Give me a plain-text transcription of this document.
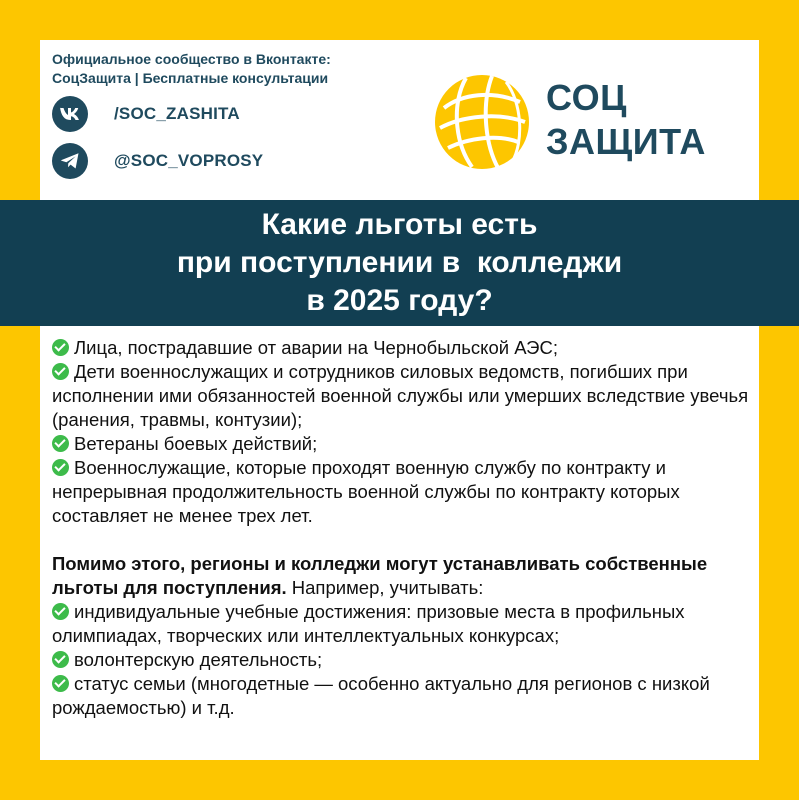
Официальное сообщество в Вконтакте:
СоцЗащита | Бесплатные консультации
/SOC_ZASHITA
@SOC_VOPROSY
СОЦ
ЗАЩИТА
Какие льготы есть
при поступлении в  колледжи
в 2025 году?
Лица, пострадавшие от аварии на Чернобыльской АЭС;
Дети военнослужащих и сотрудников силовых ведомств, погибших при исполнении ими обязанностей военной службы или умерших вследствие увечья (ранения, травмы, контузии);
Ветераны боевых действий;
Военнослужащие, которые проходят военную службу по контракту и непрерывная продолжительность военной службы по контракту которых составляет не менее трех лет.
Помимо этого, регионы и колледжи могут устанавливать собственные льготы для поступления. Например, учитывать:
индивидуальные учебные достижения: призовые места в профильных олимпиадах, творческих или интеллектуальных конкурсах;
волонтерскую деятельность;
статус семьи (многодетные — особенно актуально для регионов с низкой рождаемостью) и т.д.
